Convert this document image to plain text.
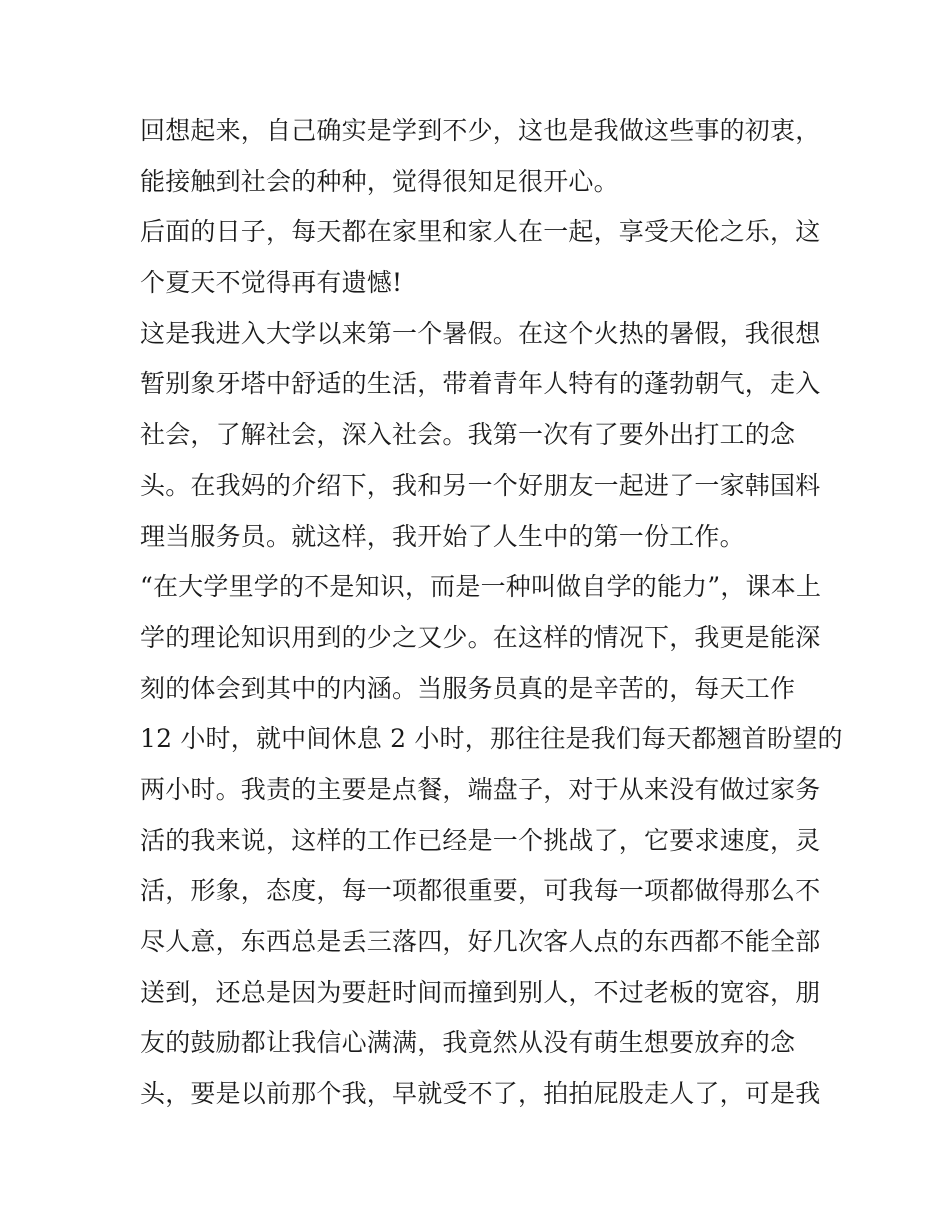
回想起来，自己确实是学到不少，这也是我做这些事的初衷，
能接触到社会的种种，觉得很知足很开心。
后面的日子，每天都在家里和家人在一起，享受天伦之乐，这
个夏天不觉得再有遗憾!
这是我进入大学以来第一个暑假。在这个火热的暑假，我很想
暂别象牙塔中舒适的生活，带着青年人特有的蓬勃朝气，走入
社会，了解社会，深入社会。我第一次有了要外出打工的念
头。在我妈的介绍下，我和另一个好朋友一起进了一家韩国料
理当服务员。就这样，我开始了人生中的第一份工作。
“在大学里学的不是知识，而是一种叫做自学的能力”，课本上
学的理论知识用到的少之又少。在这样的情况下，我更是能深
刻的体会到其中的内涵。当服务员真的是辛苦的，每天工作
12 小时，就中间休息 2 小时，那往往是我们每天都翘首盼望的
两小时。我责的主要是点餐，端盘子，对于从来没有做过家务
活的我来说，这样的工作已经是一个挑战了，它要求速度，灵
活，形象，态度，每一项都很重要，可我每一项都做得那么不
尽人意，东西总是丢三落四，好几次客人点的东西都不能全部
送到，还总是因为要赶时间而撞到别人，不过老板的宽容，朋
友的鼓励都让我信心满满，我竟然从没有萌生想要放弃的念
头，要是以前那个我，早就受不了，拍拍屁股走人了，可是我
